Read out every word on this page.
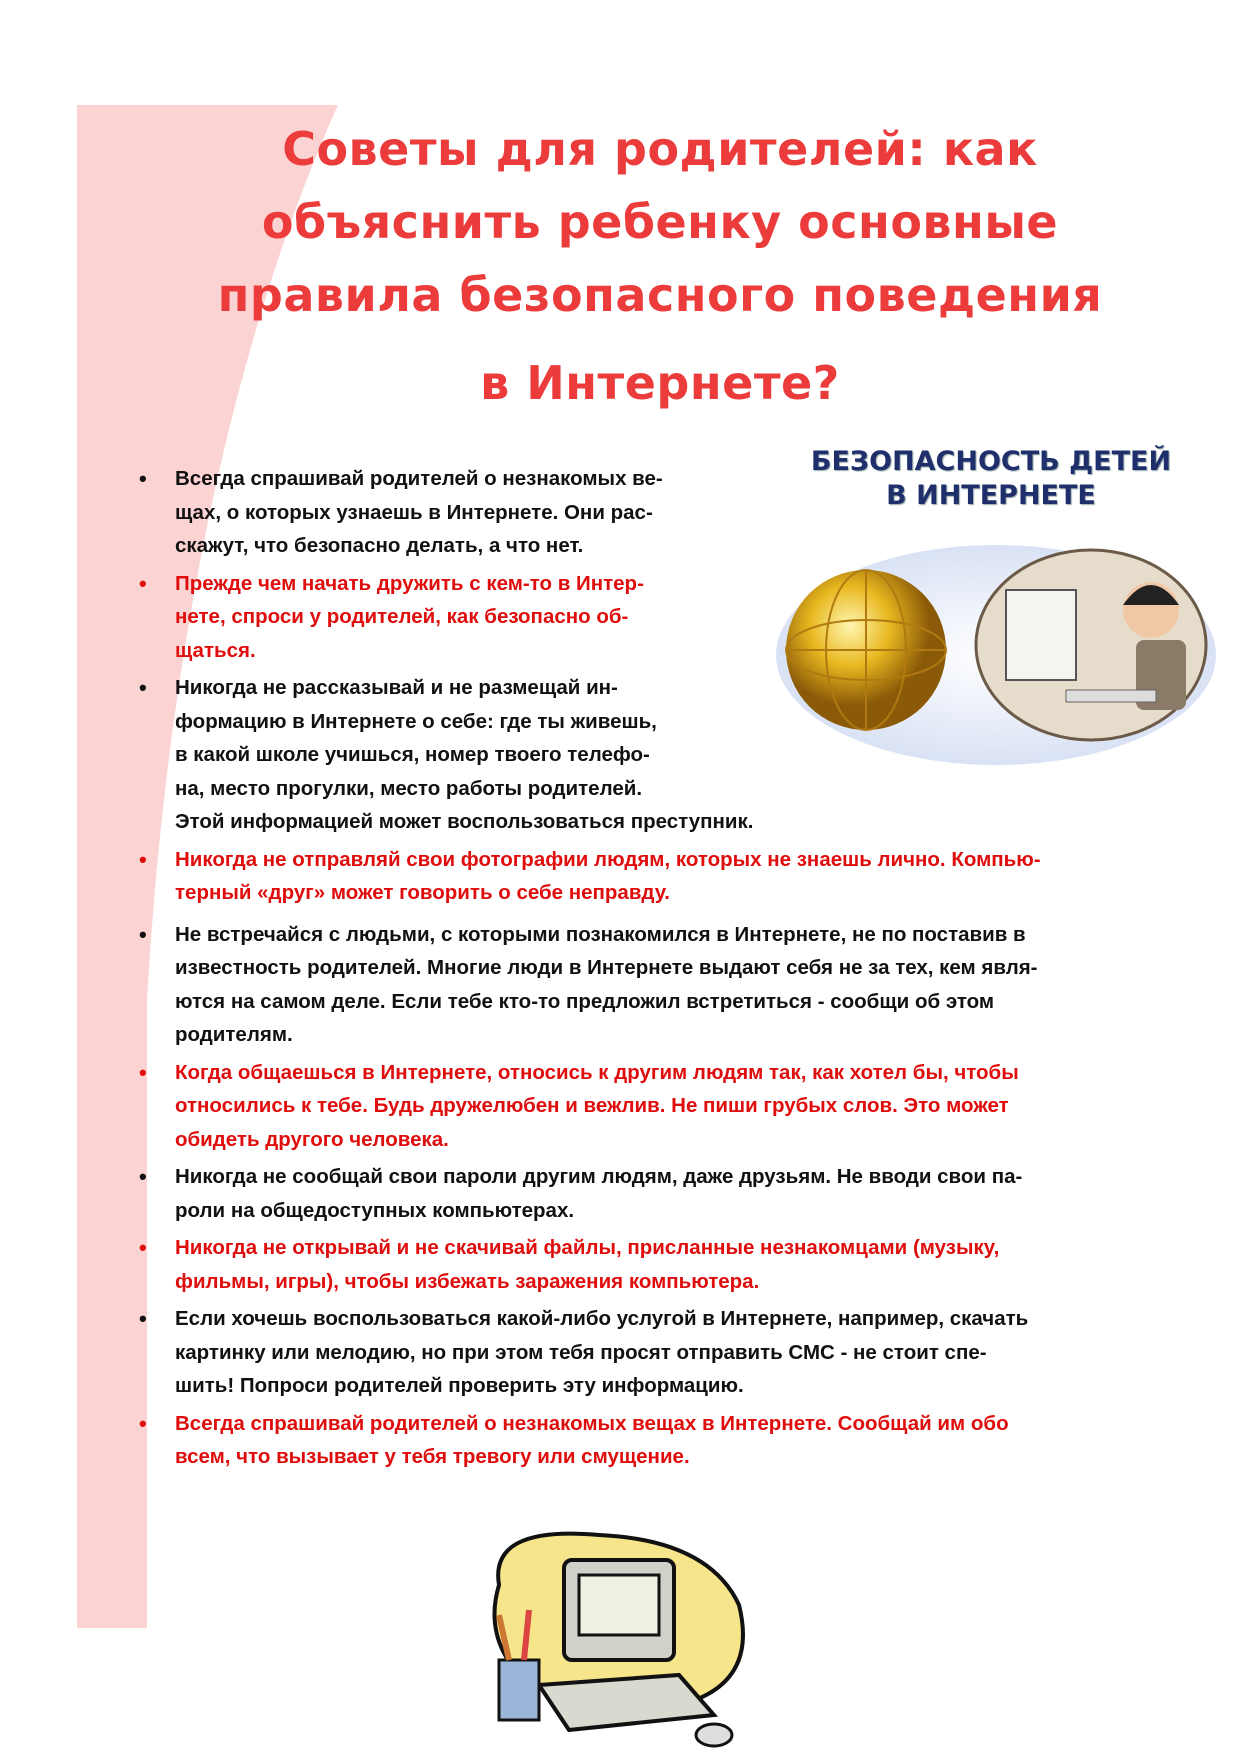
Советы для родителей: как
объяснить ребенку основные
правила безопасного поведения
в Интернете?
БЕЗОПАСНОСТЬ ДЕТЕЙ
В ИНТЕРНЕТЕ
• Всегда спрашивай родителей о незнакомых ве-
щах, о которых узнаешь в Интернете. Они рас-
скажут, что безопасно делать, а что нет.
• Прежде чем начать дружить с кем-то в Интер-
нете, спроси у родителей, как безопасно об-
щаться.
• Никогда не рассказывай и не размещай ин-
формацию в Интернете о себе: где ты живешь,
в какой школе учишься, номер твоего телефо-
на, место прогулки, место работы родителей.
Этой информацией может воспользоваться преступник.
• Никогда не отправляй свои фотографии людям, которых не знаешь лично. Компью-
терный «друг» может говорить о себе неправду.
• Не встречайся с людьми, с которыми познакомился в Интернете, не по поставив в
известность родителей. Многие люди в Интернете выдают себя не за тех, кем явля-
ются на самом деле. Если тебе кто-то предложил встретиться - сообщи об этом
родителям.
• Когда общаешься в Интернете, относись к другим людям так, как хотел бы, чтобы
относились к тебе. Будь дружелюбен и вежлив. Не пиши грубых слов. Это может
обидеть другого человека.
• Никогда не сообщай свои пароли другим людям, даже друзьям. Не вводи свои па-
роли на общедоступных компьютерах.
• Никогда не открывай и не скачивай файлы, присланные незнакомцами (музыку,
фильмы, игры), чтобы избежать заражения компьютера.
• Если хочешь воспользоваться какой-либо услугой в Интернете, например, скачать
картинку или мелодию, но при этом тебя просят отправить СМС - не стоит спе-
шить! Попроси родителей проверить эту информацию.
• Всегда спрашивай родителей о незнакомых вещах в Интернете. Сообщай им обо
всем, что вызывает у тебя тревогу или смущение.
